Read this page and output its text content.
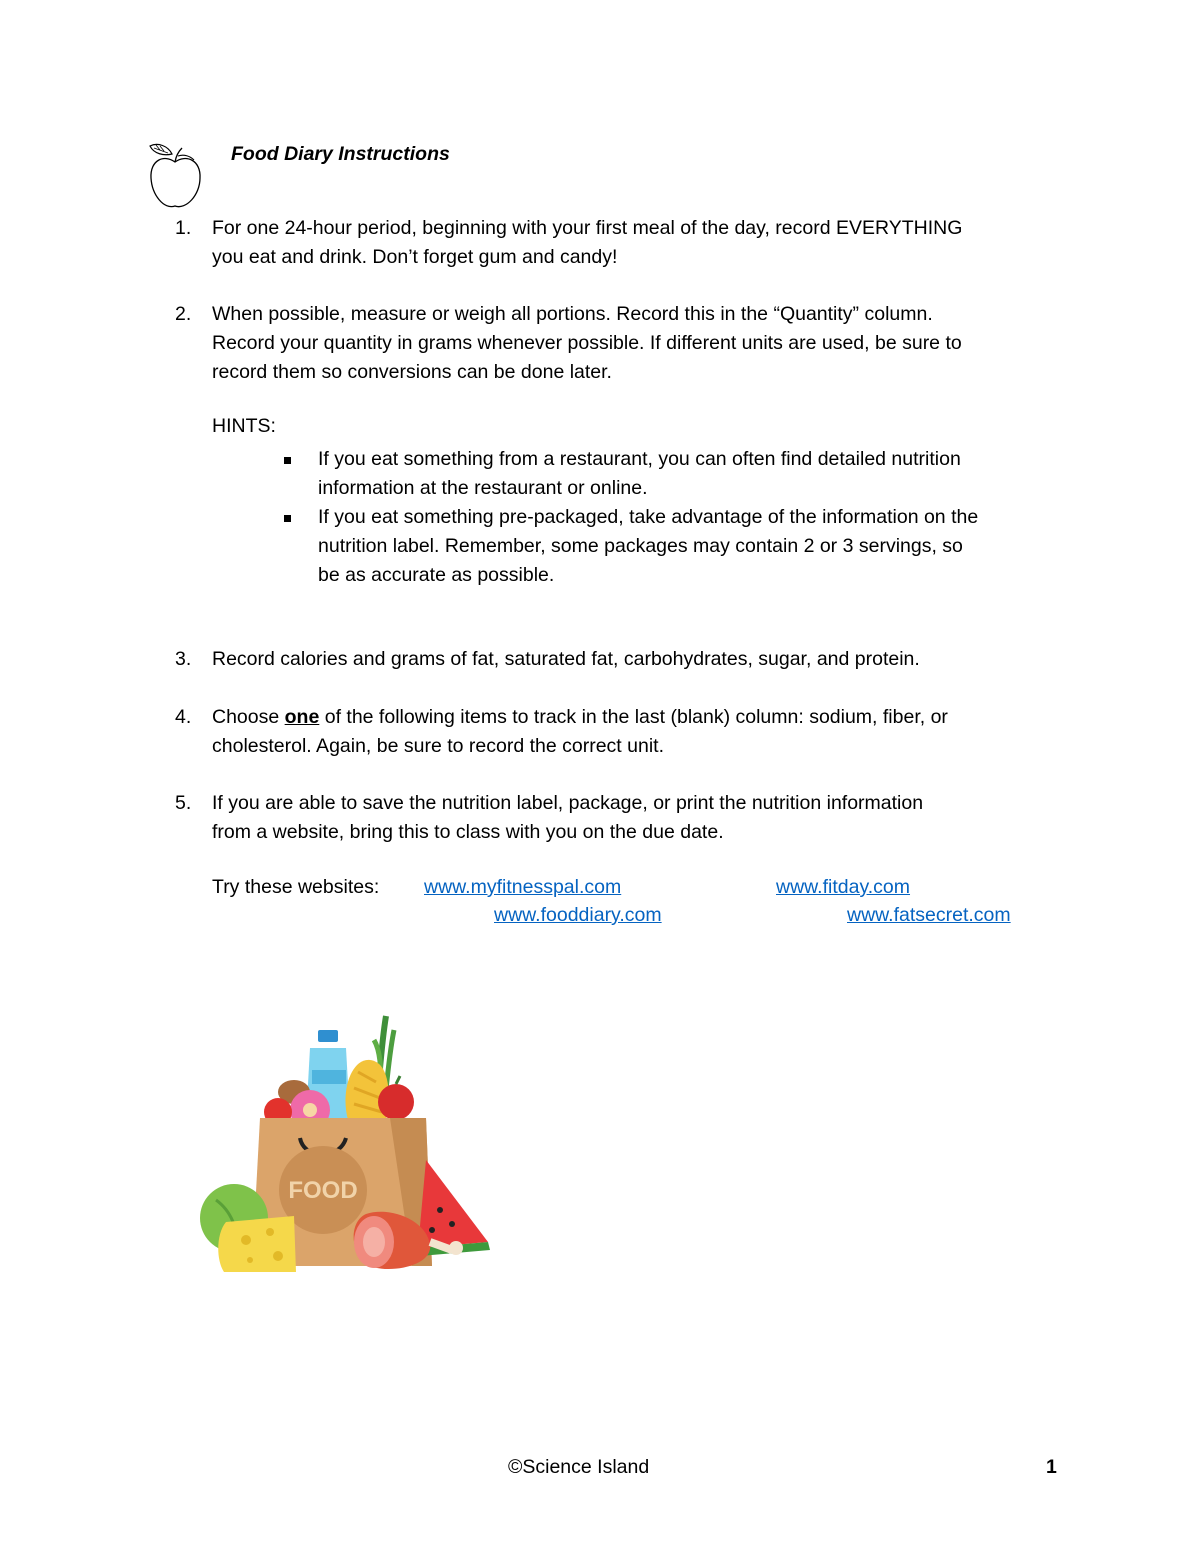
Food Diary Instructions
1.	For one 24-hour period, beginning with your first meal of the day, record EVERYTHING
you eat and drink. Don’t forget gum and candy!
2.	When possible, measure or weigh all portions. Record this in the “Quantity” column.
Record your quantity in grams whenever possible. If different units are used, be sure to
record them so conversions can be done later.
HINTS:
If you eat something from a restaurant, you can often find detailed nutrition
information at the restaurant or online.
If you eat something pre-packaged, take advantage of the information on the
nutrition label. Remember, some packages may contain 2 or 3 servings, so
be as accurate as possible.
3.	Record calories and grams of fat, saturated fat, carbohydrates, sugar, and protein.
4.	Choose one of the following items to track in the last (blank) column: sodium, fiber, or
cholesterol. Again, be sure to record the correct unit.
5.	If you are able to save the nutrition label, package, or print the nutrition information
from a website, bring this to class with you on the due date.
Try these websites: www.myfitnesspal.com	www.fitday.com
www.fooddiary.com	www.fatsecret.com
FOOD
©Science Island	1
